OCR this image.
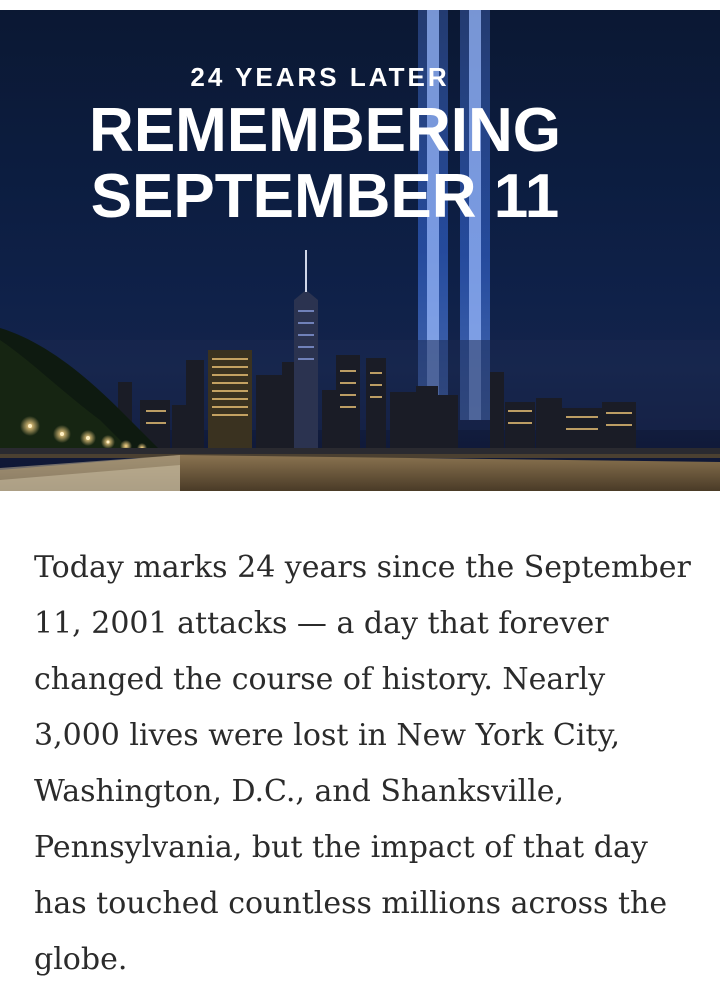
24 YEARS LATER
REMEMBERING
SEPTEMBER 11

Today marks 24 years since the September 11, 2001 attacks — a day that forever changed the course of history. Nearly 3,000 lives were lost in New York City, Washington, D.C., and Shanksville, Pennsylvania, but the impact of that day has touched countless millions across the globe.
